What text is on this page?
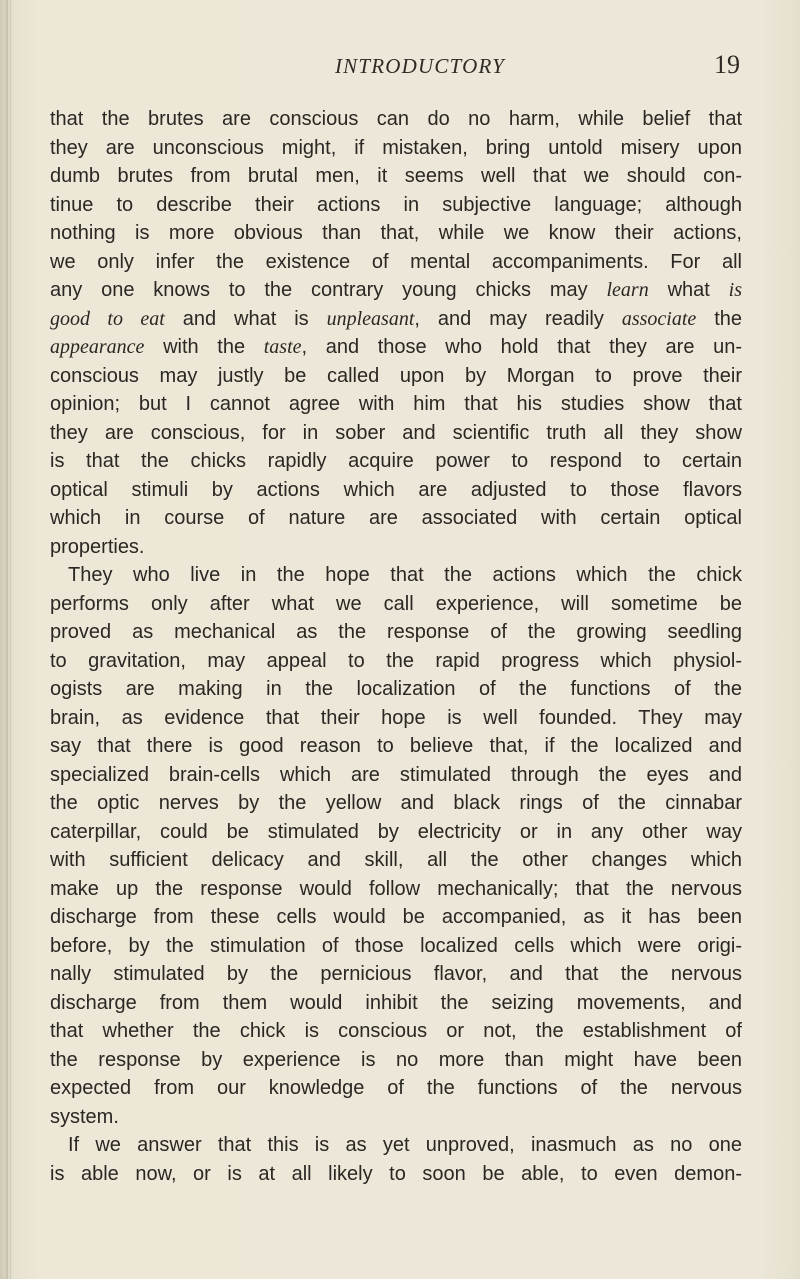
INTRODUCTORY	19
that the brutes are conscious can do no harm, while belief that
they are unconscious might, if mistaken, bring untold misery upon
dumb brutes from brutal men, it seems well that we should con-
tinue to describe their actions in subjective language; although
nothing is more obvious than that, while we know their actions,
we only infer the existence of mental accompaniments. For all
any one knows to the contrary young chicks may learn what is
good to eat and what is unpleasant, and may readily associate the
appearance with the taste, and those who hold that they are un-
conscious may justly be called upon by Morgan to prove their
opinion; but I cannot agree with him that his studies show that
they are conscious, for in sober and scientific truth all they show
is that the chicks rapidly acquire power to respond to certain
optical stimuli by actions which are adjusted to those flavors
which in course of nature are associated with certain optical
properties.
They who live in the hope that the actions which the chick
performs only after what we call experience, will sometime be
proved as mechanical as the response of the growing seedling
to gravitation, may appeal to the rapid progress which physiol-
ogists are making in the localization of the functions of the
brain, as evidence that their hope is well founded. They may
say that there is good reason to believe that, if the localized and
specialized brain-cells which are stimulated through the eyes and
the optic nerves by the yellow and black rings of the cinnabar
caterpillar, could be stimulated by electricity or in any other way
with sufficient delicacy and skill, all the other changes which
make up the response would follow mechanically; that the nervous
discharge from these cells would be accompanied, as it has been
before, by the stimulation of those localized cells which were origi-
nally stimulated by the pernicious flavor, and that the nervous
discharge from them would inhibit the seizing movements, and
that whether the chick is conscious or not, the establishment of
the response by experience is no more than might have been
expected from our knowledge of the functions of the nervous
system.
If we answer that this is as yet unproved, inasmuch as no one
is able now, or is at all likely to soon be able, to even demon-
